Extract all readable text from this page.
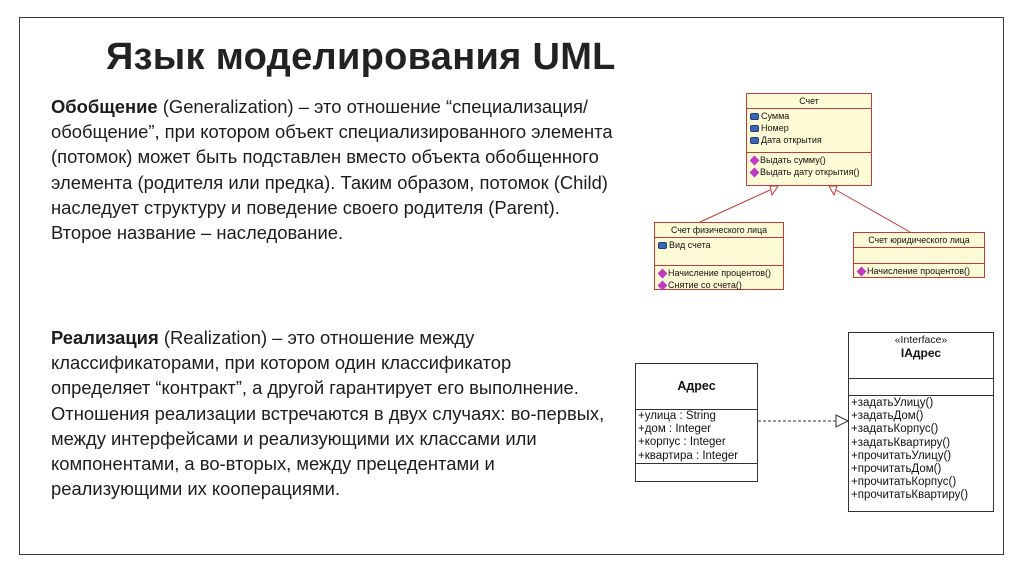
Язык моделирования UML
Обобщение (Generalization) – это отношение “специализация/обобщение”, при котором объект специализированного элемента (потомок) может быть подставлен вместо объекта обобщенного элемента (родителя или предка). Таким образом, потомок (Child) наследует структуру и поведение своего родителя (Parent). Второе название – наследование.
Реализация (Realization) – это отношение между классификаторами, при котором один классификатор определяет “контракт”, а другой гарантирует его выполнение. Отношения реализации встречаются в двух случаях: во-первых, между интерфейсами и реализующими их классами или компонентами, а во-вторых, между прецедентами и реализующими их кооперациями.
Счет
Сумма
Номер
Дата открытия
Выдать сумму()
Выдать дату открытия()
Счет физического лица
Вид счета
Начисление процентов()
Снятие со счета()
Счет юридического лица
Начисление процентов()
Адрес
+улица : String
+дом : Integer
+корпус : Integer
+квартира : Integer
«Interface»
IАдрес
+задатьУлицу()
+задатьДом()
+задатьКорпус()
+задатьКвартиру()
+прочитатьУлицу()
+прочитатьДом()
+прочитатьКорпус()
+прочитатьКвартиру()
